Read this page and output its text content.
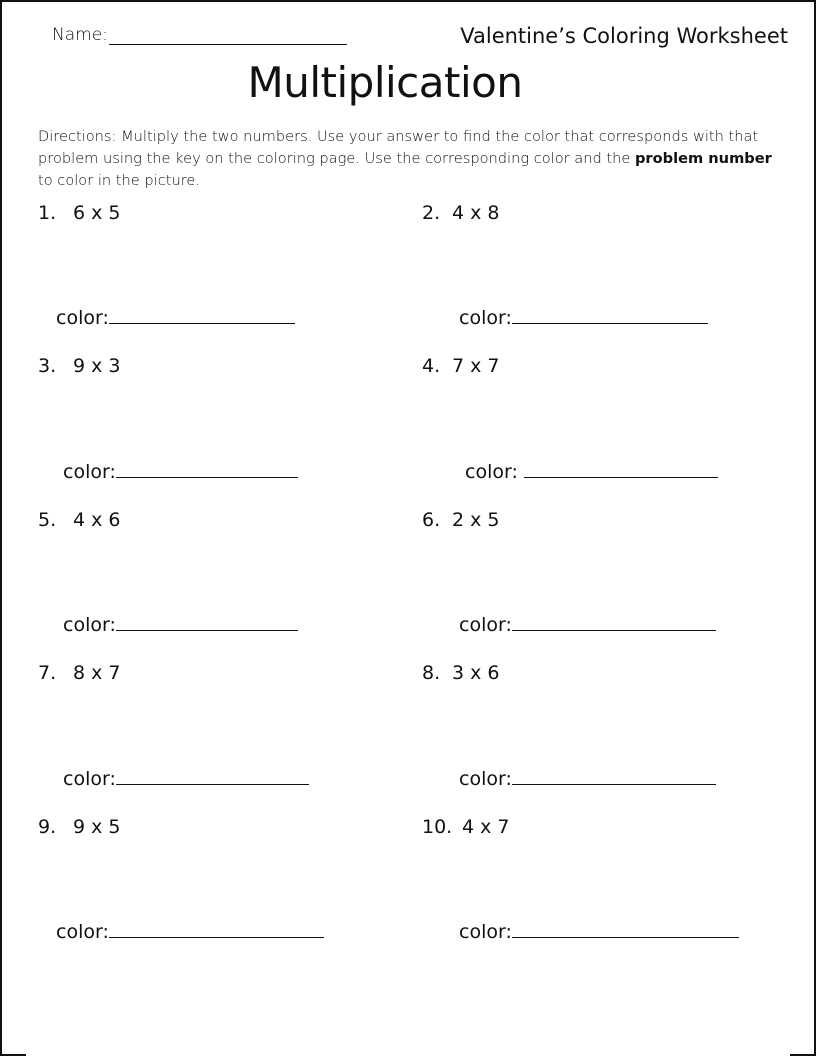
Name:	Valentine’s Coloring Worksheet
Multiplication
Directions: Multiply the two numbers. Use your answer to find the color that corresponds with that problem using the key on the coloring page. Use the corresponding color and the problem number to color in the picture.
1. 6 x 5	2. 4 x 8
color:	color:
3. 9 x 3	4. 7 x 7
color:	color:
5. 4 x 6	6. 2 x 5
color:	color:
7. 8 x 7	8. 3 x 6
color:	color:
9. 9 x 5	10. 4 x 7
color:	color:
